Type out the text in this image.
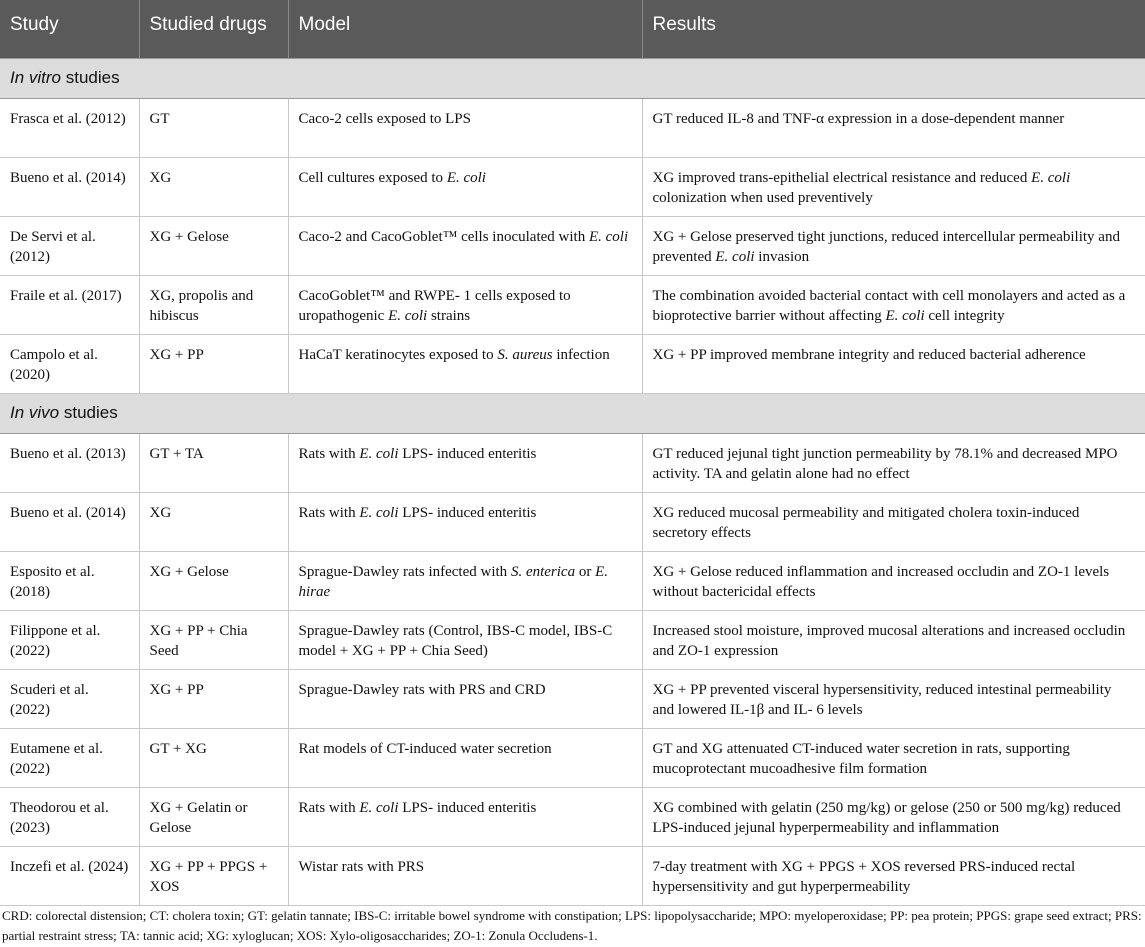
Study	Studied drugs	Model	Results
In vitro studies			
Frasca et al. (2012)	GT	Caco-2 cells exposed to LPS	GT reduced IL-8 and TNF-α expression in a dose-dependent manner
Bueno et al. (2014)	XG	Cell cultures exposed to E. coli	XG improved trans-epithelial electrical resistance and reduced E. coli colonization when used preventively
De Servi et al. (2012)	XG + Gelose	Caco-2 and CacoGoblet™ cells inoculated with E. coli	XG + Gelose preserved tight junctions, reduced intercellular permeability and prevented E. coli invasion
Fraile et al. (2017)	XG, propolis and hibiscus	CacoGoblet™ and RWPE- 1 cells exposed to uropathogenic E. coli strains	The combination avoided bacterial contact with cell monolayers and acted as a bioprotective barrier without affecting E. coli cell integrity
Campolo et al. (2020)	XG + PP	HaCaT keratinocytes exposed to S. aureus infection	XG + PP improved membrane integrity and reduced bacterial adherence
In vivo studies			
Bueno et al. (2013)	GT + TA	Rats with E. coli LPS- induced enteritis	GT reduced jejunal tight junction permeability by 78.1% and decreased MPO activity. TA and gelatin alone had no effect
Bueno et al. (2014)	XG	Rats with E. coli LPS- induced enteritis	XG reduced mucosal permeability and mitigated cholera toxin-induced secretory effects
Esposito et al. (2018)	XG + Gelose	Sprague-Dawley rats infected with S. enterica or E. hirae	XG + Gelose reduced inflammation and increased occludin and ZO-1 levels without bactericidal effects
Filippone et al. (2022)	XG + PP + Chia Seed	Sprague-Dawley rats (Control, IBS-C model, IBS-C model + XG + PP + Chia Seed)	Increased stool moisture, improved mucosal alterations and increased occludin and ZO-1 expression
Scuderi et al. (2022)	XG + PP	Sprague-Dawley rats with PRS and CRD	XG + PP prevented visceral hypersensitivity, reduced intestinal permeability and lowered IL-1β and IL- 6 levels
Eutamene et al. (2022)	GT + XG	Rat models of CT-induced water secretion	GT and XG attenuated CT-induced water secretion in rats, supporting mucoprotectant mucoadhesive film formation
Theodorou et al. (2023)	XG + Gelatin or Gelose	Rats with E. coli LPS- induced enteritis	XG combined with gelatin (250 mg/kg) or gelose (250 or 500 mg/kg) reduced LPS-induced jejunal hyperpermeability and inflammation
Inczefi et al. (2024)	XG + PP + PPGS + XOS	Wistar rats with PRS	7-day treatment with XG + PPGS + XOS reversed PRS-induced rectal hypersensitivity and gut hyperpermeability
CRD: colorectal distension; CT: cholera toxin; GT: gelatin tannate; IBS-C: irritable bowel syndrome with constipation; LPS: lipopolysaccharide; MPO: myeloperoxidase; PP: pea protein; PPGS: grape seed extract; PRS: partial restraint stress; TA: tannic acid; XG: xyloglucan; XOS: Xylo-oligosaccharides; ZO-1: Zonula Occludens-1.
